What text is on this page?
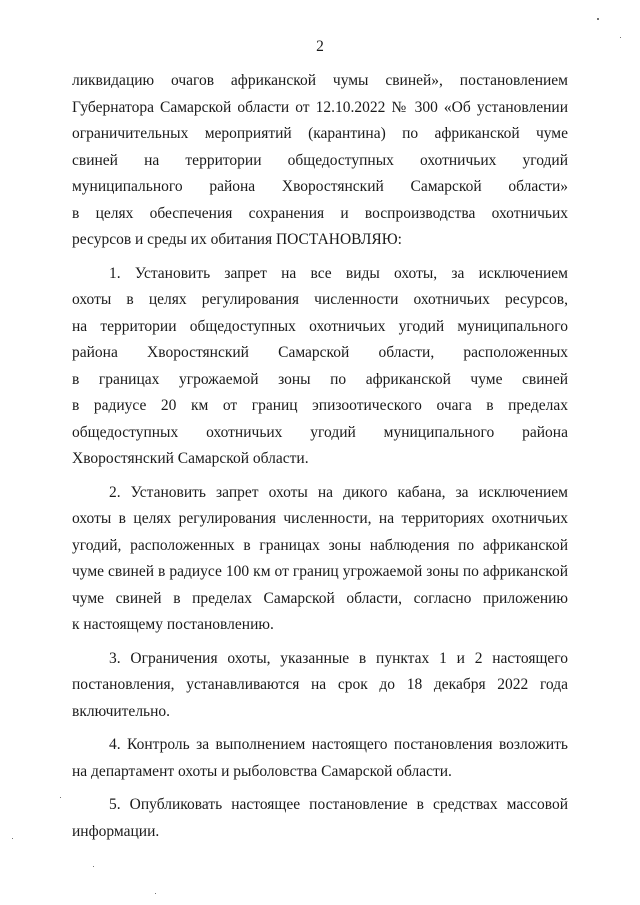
2

ликвидацию очагов африканской чумы свиней», постановлением
Губернатора Самарской области от 12.10.2022 № 300 «Об установлении
ограничительных мероприятий (карантина) по африканской чуме
свиней на территории общедоступных охотничьих угодий
муниципального района Хворостянский Самарской области»
в целях обеспечения сохранения и воспроизводства охотничьих
ресурсов и среды их обитания ПОСТАНОВЛЯЮ:

1. Установить запрет на все виды охоты, за исключением
охоты в целях регулирования численности охотничьих ресурсов,
на территории общедоступных охотничьих угодий муниципального
района Хворостянский Самарской области, расположенных
в границах угрожаемой зоны по африканской чуме свиней
в радиусе 20 км от границ эпизоотического очага в пределах
общедоступных охотничьих угодий муниципального района
Хворостянский Самарской области.

2. Установить запрет охоты на дикого кабана, за исключением
охоты в целях регулирования численности, на территориях охотничьих
угодий, расположенных в границах зоны наблюдения по африканской
чуме свиней в радиусе 100 км от границ угрожаемой зоны по африканской
чуме свиней в пределах Самарской области, согласно приложению
к настоящему постановлению.

3. Ограничения охоты, указанные в пунктах 1 и 2 настоящего
постановления, устанавливаются на срок до 18 декабря 2022 года
включительно.

4. Контроль за выполнением настоящего постановления возложить
на департамент охоты и рыболовства Самарской области.

5. Опубликовать настоящее постановление в средствах массовой
информации.
